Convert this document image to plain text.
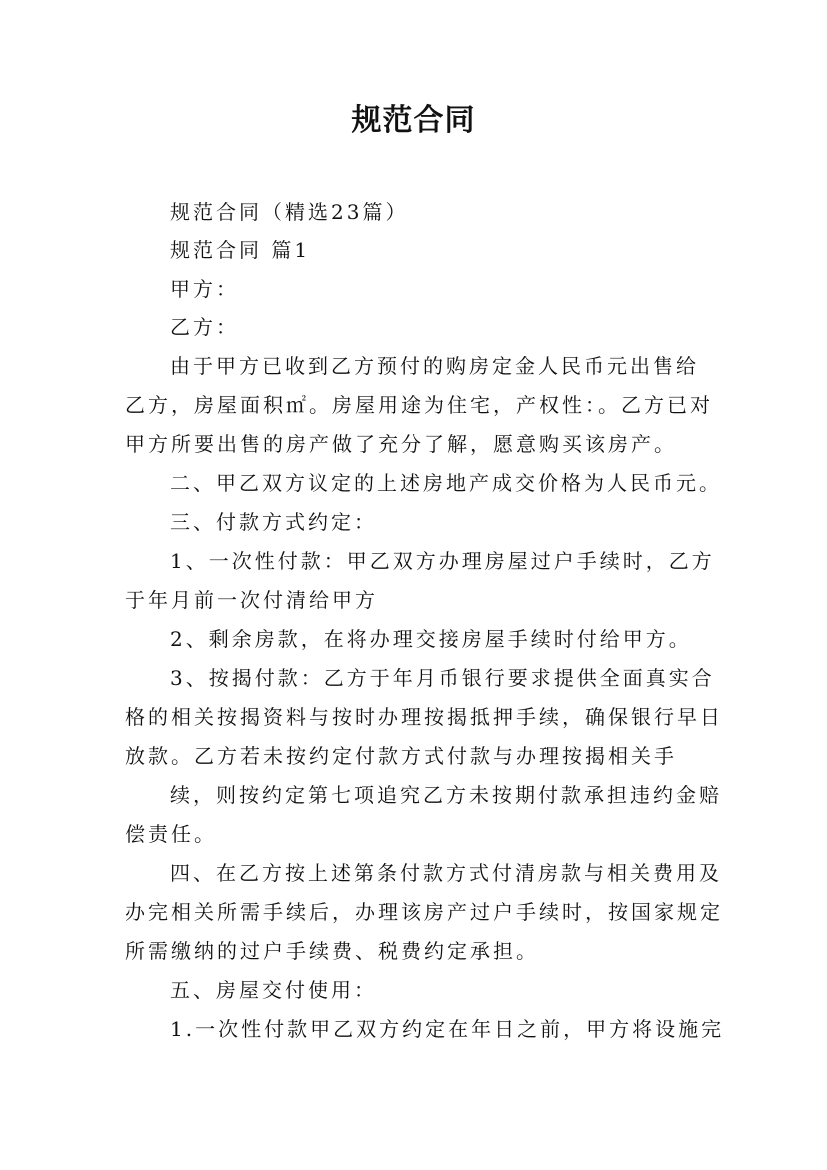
规范合同
规范合同（精选23篇）
规范合同 篇1
甲方：
乙方：
由于甲方已收到乙方预付的购房定金人民币元出售给
乙方，房屋面积㎡。房屋用途为住宅，产权性：。乙方已对
甲方所要出售的房产做了充分了解，愿意购买该房产。
二、甲乙双方议定的上述房地产成交价格为人民币元。
三、付款方式约定：
1、一次性付款：甲乙双方办理房屋过户手续时，乙方
于年月前一次付清给甲方
2、剩余房款，在将办理交接房屋手续时付给甲方。
3、按揭付款：乙方于年月币银行要求提供全面真实合
格的相关按揭资料与按时办理按揭抵押手续，确保银行早日
放款。乙方若未按约定付款方式付款与办理按揭相关手
续，则按约定第七项追究乙方未按期付款承担违约金赔
偿责任。
四、在乙方按上述第条付款方式付清房款与相关费用及
办完相关所需手续后，办理该房产过户手续时，按国家规定
所需缴纳的过户手续费、税费约定承担。
五、房屋交付使用：
1.一次性付款甲乙双方约定在年日之前，甲方将设施完
